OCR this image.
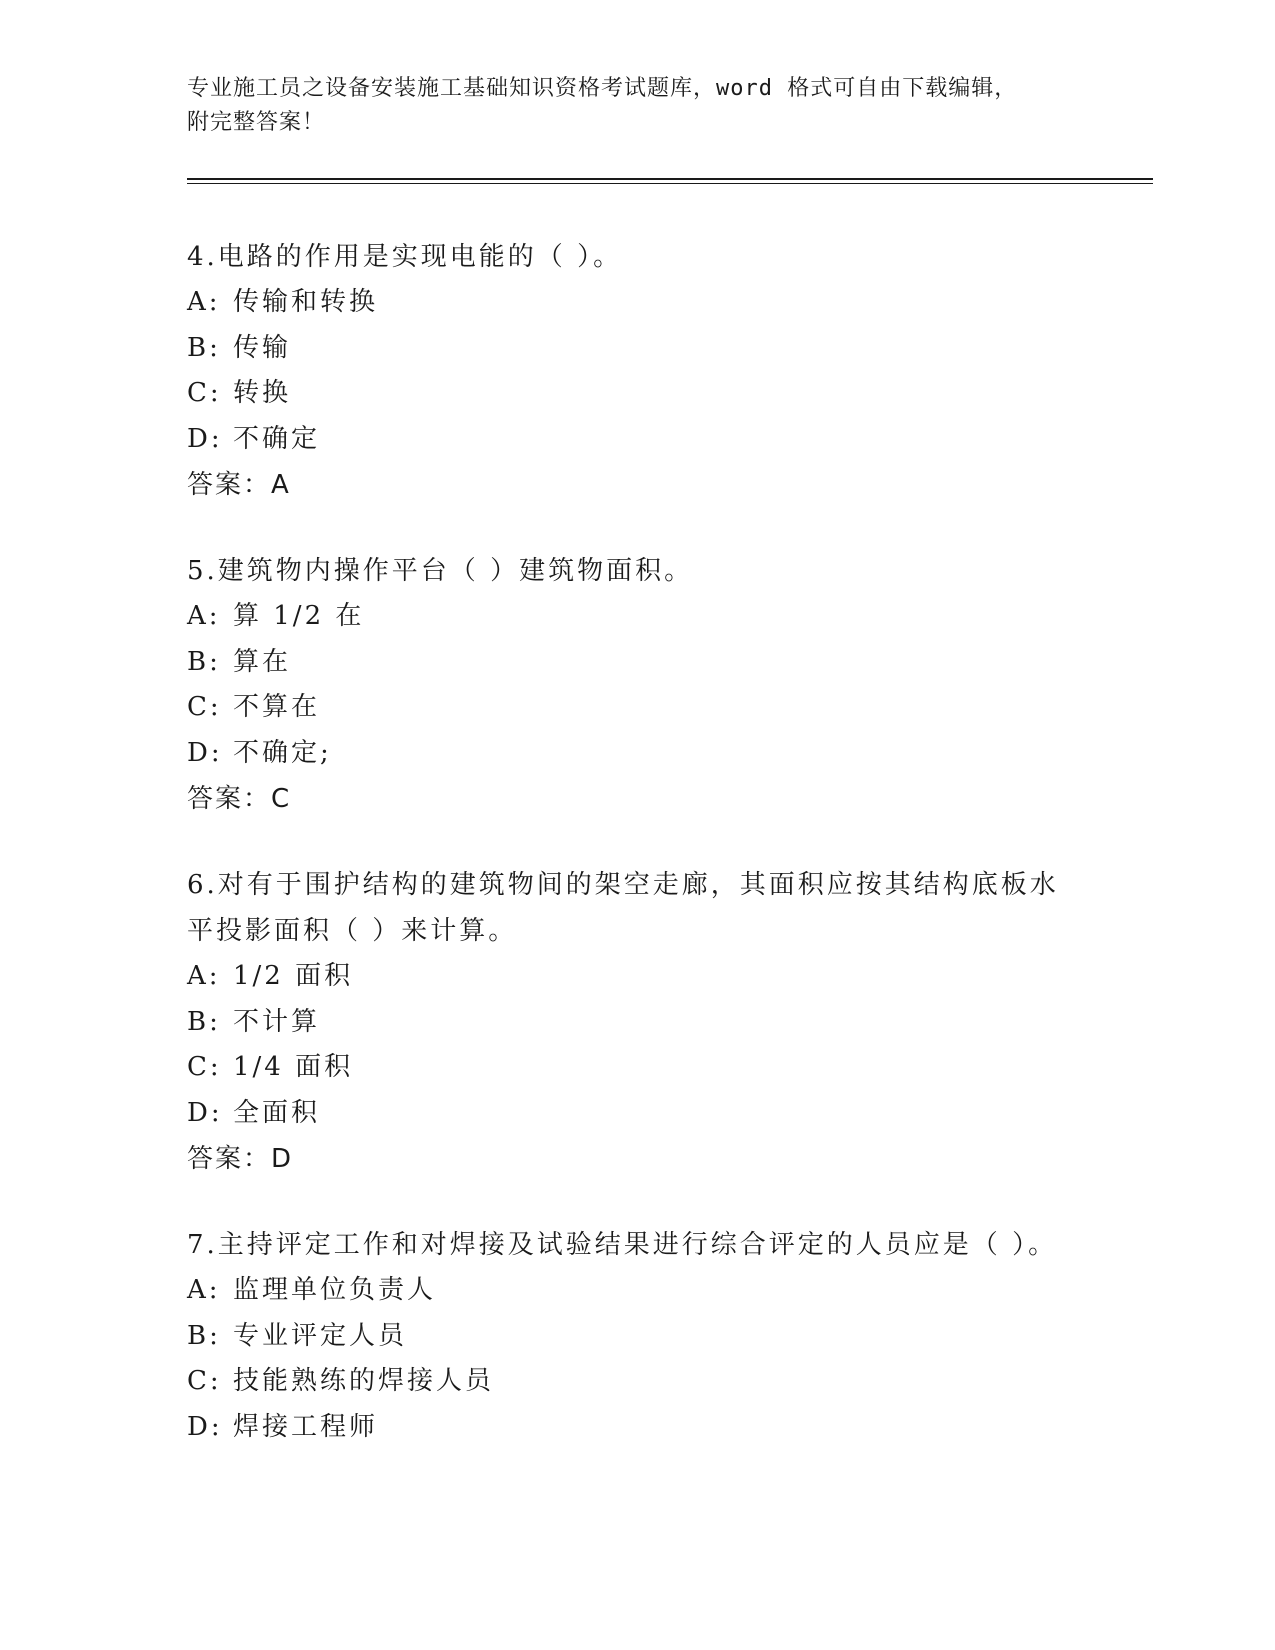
专业施工员之设备安装施工基础知识资格考试题库，word 格式可自由下载编辑，
附完整答案！
4.电路的作用是实现电能的（ ）。
A: 传输和转换
B: 传输
C: 转换
D: 不确定
答案：A
5.建筑物内操作平台（ ）建筑物面积。
A: 算 1/2 在
B: 算在
C: 不算在
D: 不确定;
答案：C
6.对有于围护结构的建筑物间的架空走廊，其面积应按其结构底板水
平投影面积（ ）来计算。
A: 1/2 面积
B: 不计算
C: 1/4 面积
D: 全面积
答案：D
7.主持评定工作和对焊接及试验结果进行综合评定的人员应是（ ）。
A: 监理单位负责人
B: 专业评定人员
C: 技能熟练的焊接人员
D: 焊接工程师
